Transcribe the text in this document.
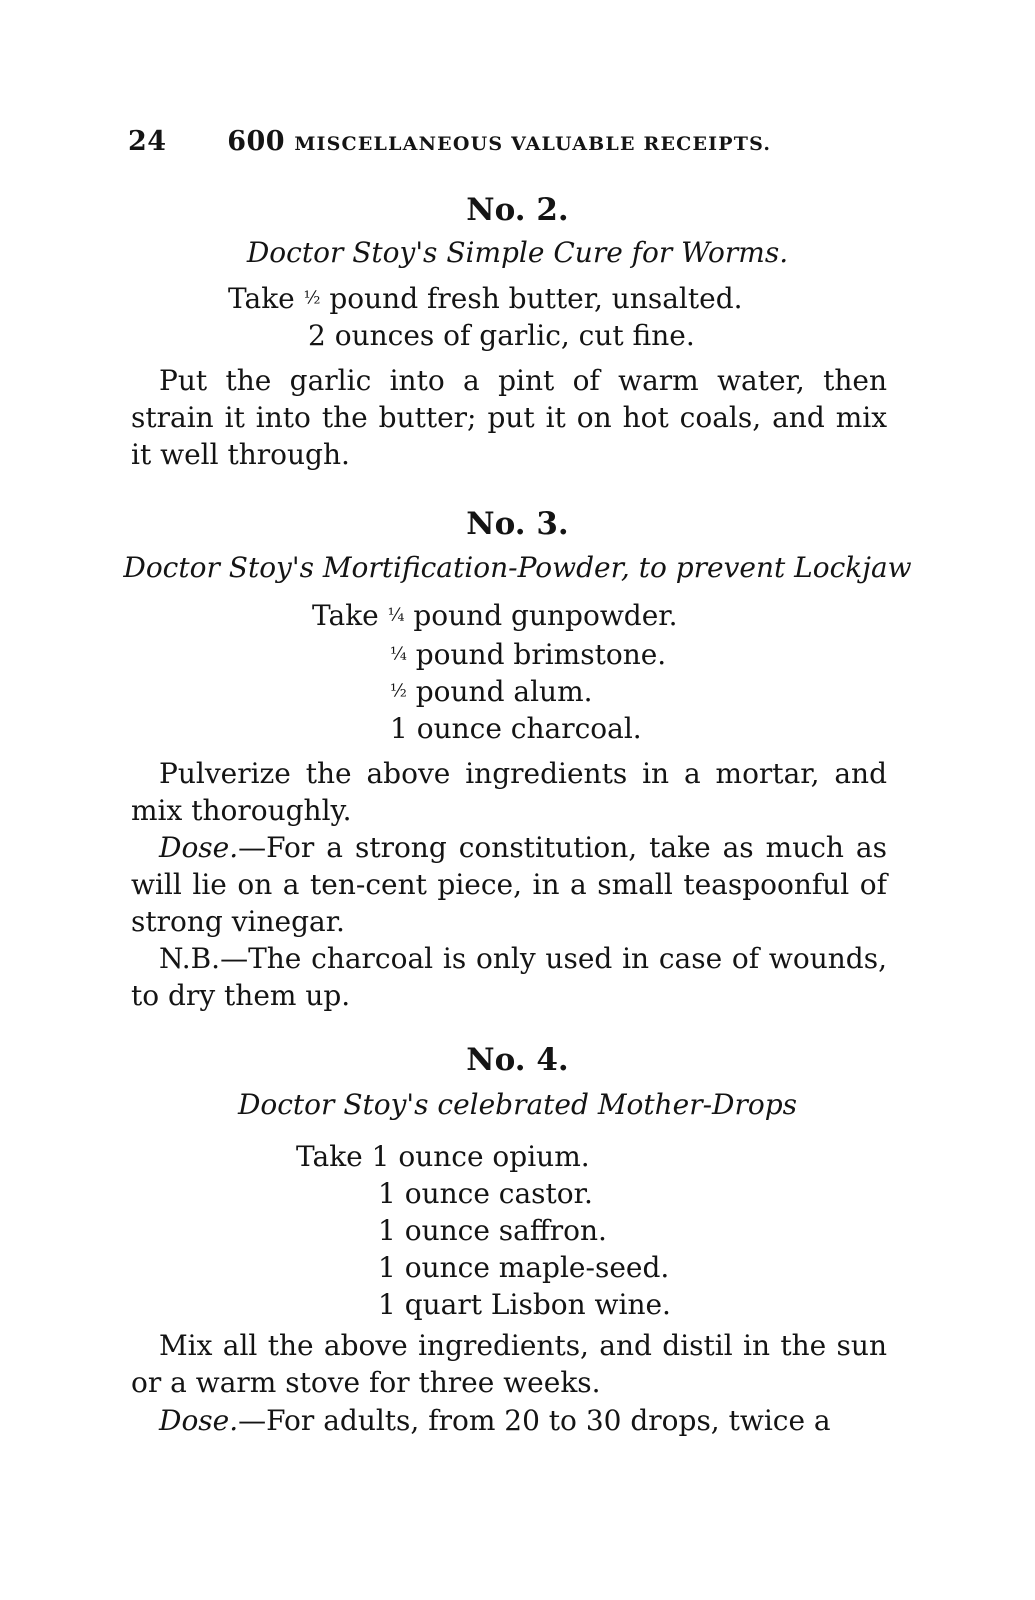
24 600 MISCELLANEOUS VALUABLE RECEIPTS.
No. 2.
Doctor Stoy's Simple Cure for Worms.
Take ½ pound fresh butter, unsalted.
2 ounces of garlic, cut fine.
Put the garlic into a pint of warm water, then strain it into the butter; put it on hot coals, and mix it well through.
No. 3.
Doctor Stoy's Mortification-Powder, to prevent Lockjaw
Take ¼ pound gunpowder.
¼ pound brimstone.
½ pound alum.
1 ounce charcoal.
Pulverize the above ingredients in a mortar, and mix thoroughly.
Dose.—For a strong constitution, take as much as will lie on a ten-cent piece, in a small teaspoonful of strong vinegar.
N.B.—The charcoal is only used in case of wounds, to dry them up.
No. 4.
Doctor Stoy's celebrated Mother-Drops
Take 1 ounce opium.
1 ounce castor.
1 ounce saffron.
1 ounce maple-seed.
1 quart Lisbon wine.
Mix all the above ingredients, and distil in the sun or a warm stove for three weeks.
Dose.—For adults, from 20 to 30 drops, twice a
